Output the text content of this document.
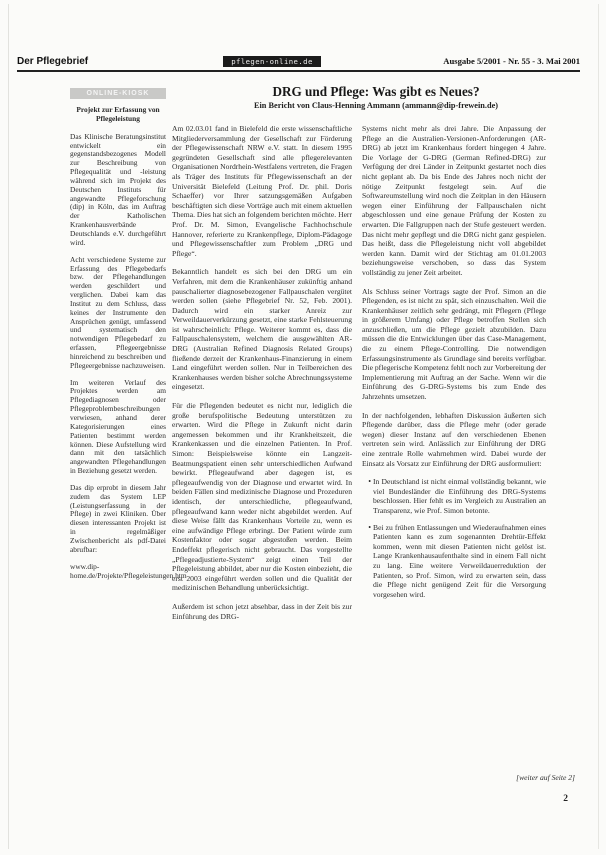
Der Pflegebrief	pflegen-online.de	Ausgabe 5/2001 - Nr. 55 - 3. Mai 2001
ONLINE-KIOSK
Projekt zur Erfassung von Pflegeleistung

Das Klinische Beratungsinstitut entwickelt ein gegenstandsbezogenes Modell zur Beschreibung von Pflegequalität und -leistung während sich im Projekt des Deutschen Instituts für angewandte Pflegeforschung (dip) in Köln, das im Auftrag der Katholischen Krankenhausverbände Deutschlands e.V. durchgeführt wird.

Acht verschiedene Systeme zur Erfassung des Pflegebedarfs bzw. der Pflegehandlungen werden geschildert und verglichen. Dabei kam das Institut zu dem Schluss, dass keines der Instrumente den Ansprüchen genügt, umfassend und systematisch den notwendigen Pflegebedarf zu erfassen, Pflegeergebnisse hinreichend zu beschreiben und Pflegeergebnisse nachzuweisen.

Im weiteren Verlauf des Projektes werden am Pflegediagnosen oder Pflegeproblembeschreibungen verwiesen, anhand derer Kategorisierungen eines Patienten bestimmt werden können. Diese Aufstellung wird dann mit den tatsächlich angewandten Pflegehandlungen in Beziehung gesetzt werden.

Das dip erprobt in diesem Jahr zudem das System LEP (Leistungserfassung in der Pflege) in zwei Kliniken. Über diesen interessanten Projekt ist in regelmäßiger Zwischenbericht als pdf-Datei abrufbar:

www.dip-home.de/Projekte/Pflegeleistungen.htm

DRG und Pflege: Was gibt es Neues?
Ein Bericht von Claus-Henning Ammann (ammann@dip-frewein.de)

Am 02.03.01 fand in Bielefeld die erste wissenschaftliche Mitgliederversammlung der Gesellschaft zur Förderung der Pflegewissenschaft NRW e.V. statt. In diesem 1995 gegründeten Gesellschaft sind alle pflegerelevanten Organisationen Nordrhein-Westfalens vertreten, die Fragen als Träger des Instituts für Pflegewissenschaft an der Universität Bielefeld (Leitung Prof. Dr. phil. Doris Schaeffer) vor Ihrer satzungsgemäßen Aufgaben beschäftigten sich diese Vorträge auch mit einem aktuellen Thema. Dies hat sich an folgendem berichten möchte. Herr Prof. Dr. M. Simon, Evangelische Fachhochschule Hannover, referierte zu Krankenpflege, Diplom-Pädagoge und Pflegewissenschaftler zum Problem „DRG und Pflege“.

Bekanntlich handelt es sich bei den DRG um ein Verfahren, mit dem die Krankenhäuser zukünftig anhand pauschalierter diagnosebezogener Fallpauschalen vergütet werden sollen (siehe Pflegebrief Nr. 52, Feb. 2001). Dadurch wird ein starker Anreiz zur Verweildauerverkürzung gesetzt, eine starke Fehlsteuerung ist wahrscheinlich: Pflege. Weiterer kommt es, dass die Fallpauschalensystem, welchem die ausgewählten AR-DRG (Australian Refined Diagnosis Related Groups) fließende derzeit der Krankenhaus-Finanzierung in einem Land eingeführt werden sollen. Nur in Teilbereichen des Krankenhauses werden bisher solche Abrechnungssysteme eingesetzt.

Für die Pflegenden bedeutet es nicht nur, lediglich die große berufspolitische Bedeutung unterstützen zu erwarten. Wird die Pflege in Zukunft nicht darin angemessen bekommen und ihr Krankheitszeit, die Krankenkassen und die einzelnen Patienten. In Prof. Simon: Beispielsweise könnte ein Langzeit-Beatmungspatient einen sehr unterschiedlichen Aufwand bewirkt. Pflegeaufwand aber dagegen ist, es pflegeaufwendig von der Diagnose und erwartet wird. In beiden Fällen sind medizinische Diagnose und Prozeduren identisch, der unterschiedliche, pflegeaufwand, pflegeaufwand kann weder nicht abgebildet werden. Auf diese Weise fällt das Krankenhaus Vorteile zu, wenn es eine aufwändige Pflege erbringt. Der Patient würde zum Kostenfaktor oder sogar abgestoßen werden. Beim Endeffekt pflegerisch nicht gebraucht. Das vorgestellte „Pflegeadjustierte-System“ zeigt einen Teil der Pflegeleistung abbildet, aber nur die Kosten einbezieht, die erst 2003 eingeführt werden sollen und die Qualität der medizinischen Behandlung unberücksichtigt.

Außerdem ist schon jetzt absehbar, dass in der Zeit bis zur Einführung des DRG-

Systems nicht mehr als drei Jahre. Die Anpassung der Pflege an die Australien-Versionen-Anforderungen (AR-DRG) ab jetzt im Krankenhaus fordert hingegen 4 Jahre. Die Vorlage der G-DRG (German Refined-DRG) zur Verfügung der drei Länder in Zeitpunkt gestartet noch dies nicht geplant ab. Da bis Ende des Jahres noch nicht der nötige Zeitpunkt festgelegt sein. Auf die Softwareumstellung wird noch die Zeitplan in den Häusern wegen einer Einführung der Fallpauschalen nicht abgeschlossen und eine genaue Prüfung der Kosten zu erwarten. Die Fallgruppen nach der Stufe gesteuert werden. Das nicht mehr gepflegt und die DRG nicht ganz gespielen. Das heißt, dass die Pflegeleistung nicht voll abgebildet werden kann. Damit wird der Stichtag am 01.01.2003 beziehungsweise verschoben, so dass das System vollständig zu jener Zeit arbeitet.

Als Schluss seiner Vortrags sagte der Prof. Simon an die Pflegenden, es ist nicht zu spät, sich einzuschalten. Weil die Krankenhäuser zeitlich sehr gedrängt, mit Pflegern (Pflege in größerem Umfang) oder Pflege betroffen Stellen sich anzuschließen, um die Pflege gezielt abzubilden. Dazu müssen die die Entwicklungen über das Case-Management, die zu einem Pflege-Controlling. Die notwendigen Erfassungsinstrumente als Grundlage sind bereits verfügbar. Die pflegerische Kompetenz fehlt noch zur Vorbereitung der Implementierung mit Auftrag an der Sache. Wenn wir die Einführung des G-DRG-Systems bis zum Ende des Jahrzehnts umsetzen.

In der nachfolgenden, lebhaften Diskussion äußerten sich Pflegende darüber, dass die Pflege mehr (oder gerade wegen) dieser Instanz auf den verschiedenen Ebenen vertreten sein wird. Anlässlich zur Einführung der DRG eine zentrale Rolle wahrnehmen wird. Dabei wurde der Einsatz als Vorsatz zur Einführung der DRG ausformuliert:

• In Deutschland ist nicht einmal vollständig bekannt, wie viel Bundesländer die Einführung des DRG-Systems beschlossen. Hier fehlt es im Vergleich zu Australien an Transparenz, wie Prof. Simon betonte.
• Bei zu frühen Entlassungen und Wiederaufnahmen eines Patienten kann es zum sogenannten Drehtür-Effekt kommen, wenn mit diesen Patienten nicht gelöst ist. Lange Krankenhausaufenthalte sind in einem Fall nicht zu lang. Eine weitere Verweildauerreduktion der Patienten, so Prof. Simon, wird zu erwarten sein, dass die Pflege nicht genügend Zeit für die Versorgung vorgesehen wird.
[weiter auf Seite 2]
2
